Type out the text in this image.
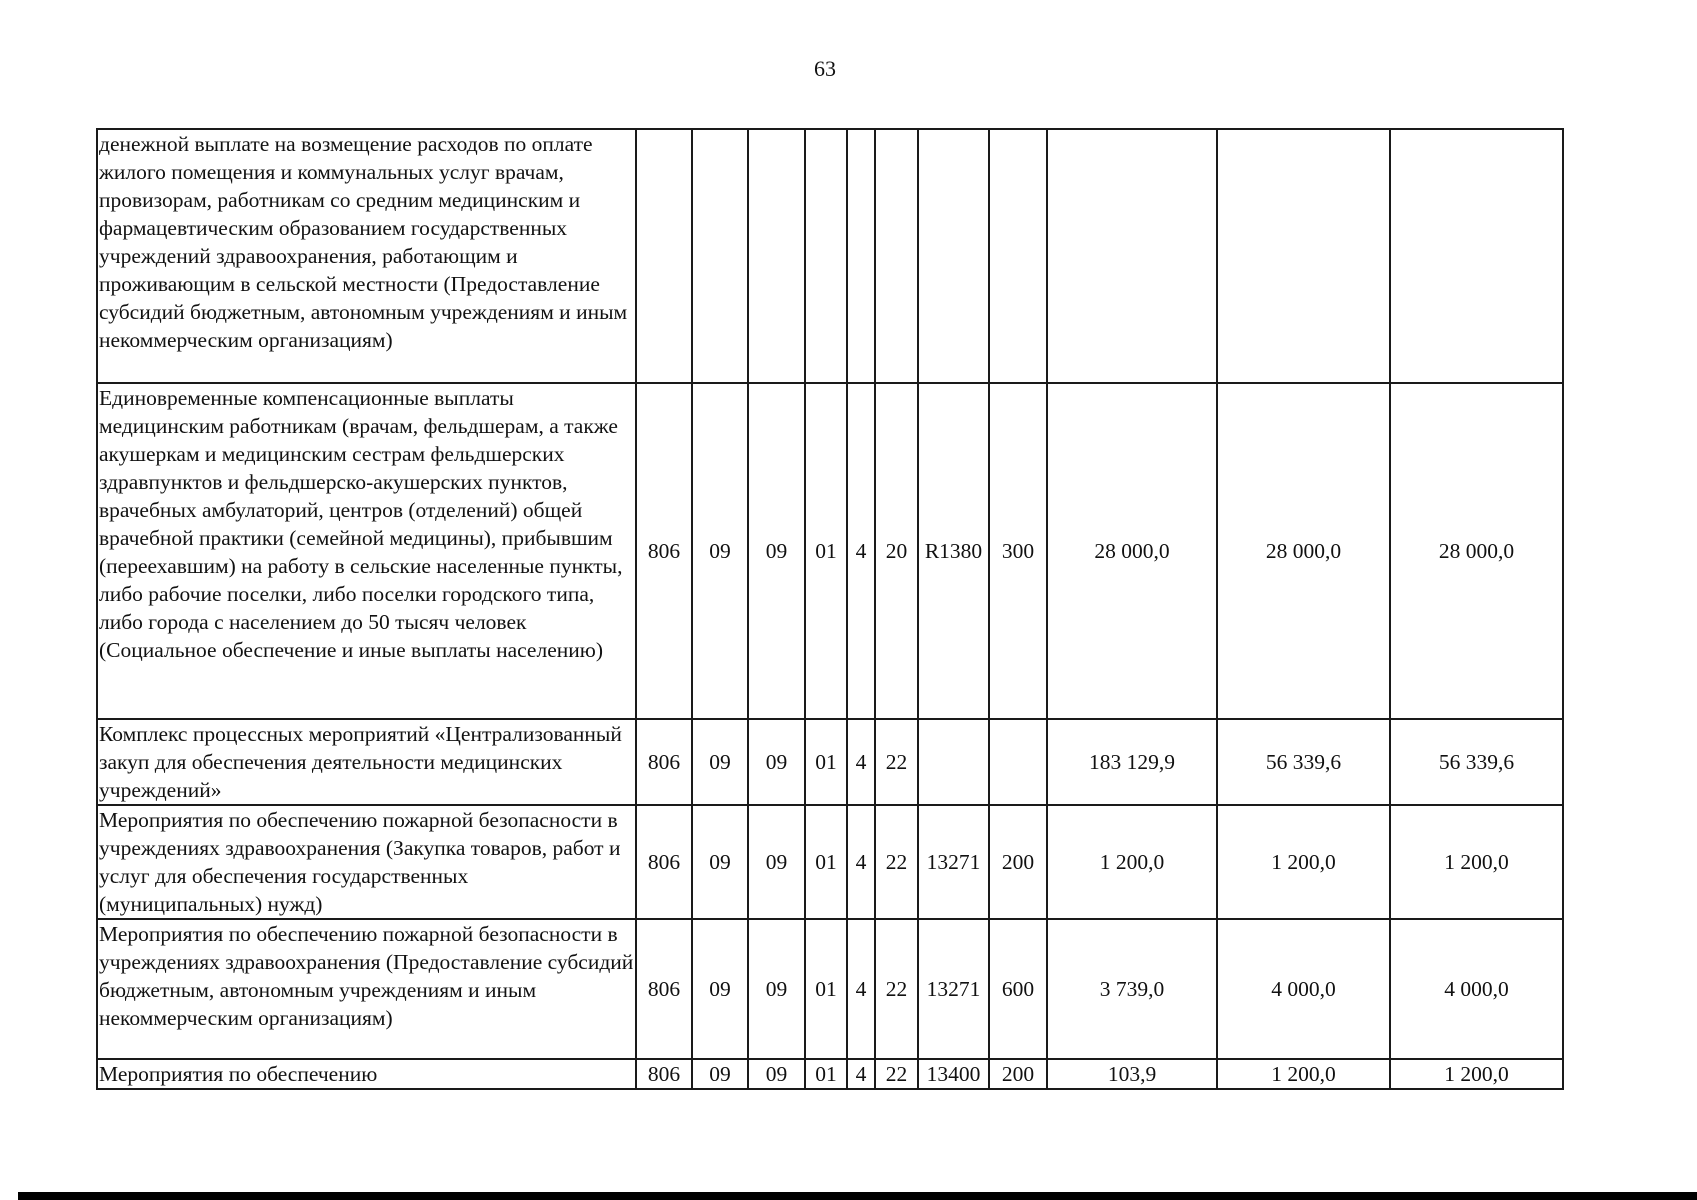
63
денежной выплате на возмещение расходов по оплате жилого помещения и коммунальных услуг врачам, провизорам, работникам со средним медицинским и фармацевтическим образованием государственных учреждений здравоохранения, работающим и проживающим в сельской местности (Предоставление субсидий бюджетным, автономным учреждениям и иным некоммерческим организациям)											
Единовременные компенсационные выплаты медицинским работникам (врачам, фельдшерам, а также акушеркам и медицинским сестрам фельдшерских здравпунктов и фельдшерско-акушерских пунктов, врачебных амбулаторий, центров (отделений) общей врачебной практики (семейной медицины), прибывшим (переехавшим) на работу в сельские населенные пункты, либо рабочие поселки, либо поселки городского типа, либо города с населением до 50 тысяч человек (Социальное обеспечение и иные выплаты населению)	806	09	09	01	4	20	R1380	300	28 000,0	28 000,0	28 000,0
Комплекс процессных мероприятий «Централизованный закуп для обеспечения деятельности медицинских учреждений»	806	09	09	01	4	22			183 129,9	56 339,6	56 339,6
Мероприятия по обеспечению пожарной безопасности в учреждениях здравоохранения (Закупка товаров, работ и услуг для обеспечения государственных (муниципальных) нужд)	806	09	09	01	4	22	13271	200	1 200,0	1 200,0	1 200,0
Мероприятия по обеспечению пожарной безопасности в учреждениях здравоохранения (Предоставление субсидий бюджетным, автономным учреждениям и иным некоммерческим организациям)	806	09	09	01	4	22	13271	600	3 739,0	4 000,0	4 000,0
Мероприятия по обеспечению	806	09	09	01	4	22	13400	200	103,9	1 200,0	1 200,0
